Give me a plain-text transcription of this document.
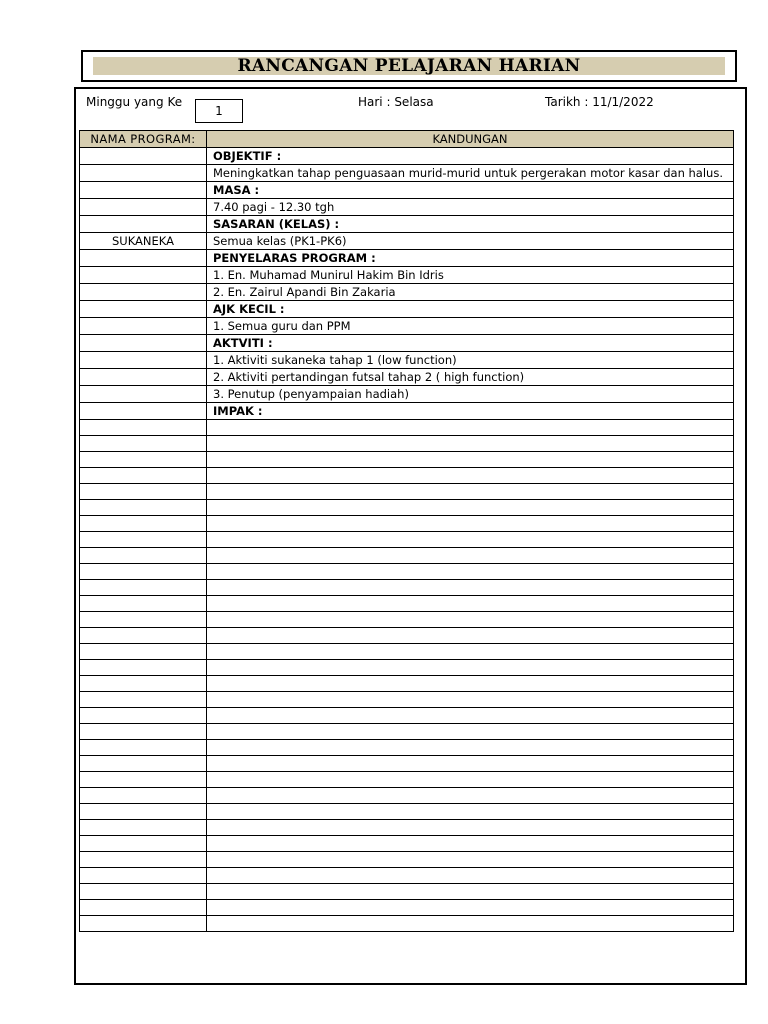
RANCANGAN PELAJARAN HARIAN
Minggu yang Ke
1
Hari : Selasa	Tarikh : 11/1/2022
NAMA PROGRAM:	KANDUNGAN
	OBJEKTIF :
	Meningkatkan tahap penguasaan murid-murid untuk pergerakan motor kasar dan halus.
	MASA :
	7.40 pagi - 12.30 tgh
	SASARAN (KELAS) :
SUKANEKA	Semua kelas (PK1-PK6)
	PENYELARAS PROGRAM :
	1. En. Muhamad Munirul Hakim Bin Idris
	2. En. Zairul Apandi Bin Zakaria
	AJK KECIL :
	1. Semua guru dan PPM
	AKTVITI :
	1. Aktiviti sukaneka tahap 1 (low function)
	2. Aktiviti pertandingan futsal tahap 2 ( high function)
	3. Penutup (penyampaian hadiah)
	IMPAK :
